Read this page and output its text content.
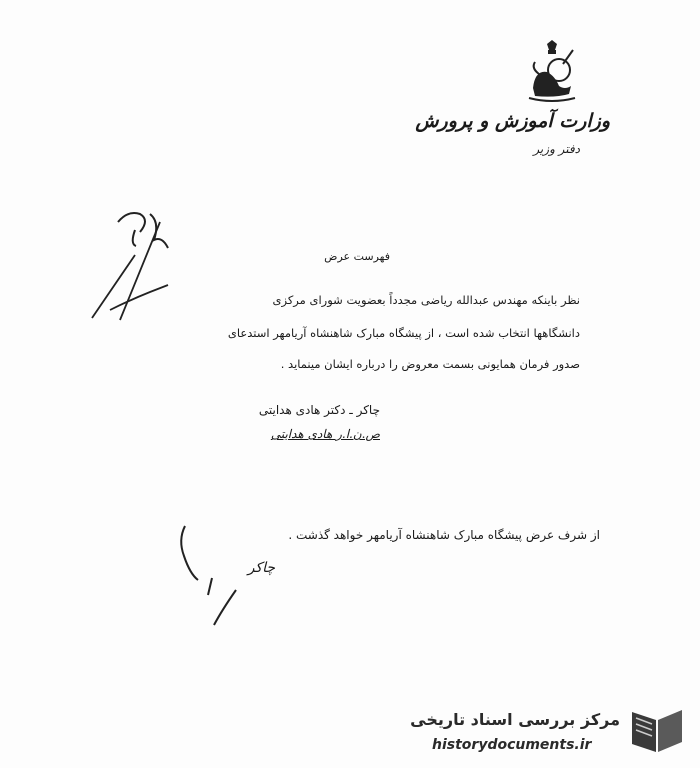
وزارت آموزش و پرورش
دفتر وزیر
فهرست عرض
نظر باینکه مهندس عبدالله ریاضی مجدداً بعضویت شورای مرکزی
دانشگاهها انتخاب شده است ، از پیشگاه مبارک شاهنشاه آریامهر استدعای
صدور فرمان همایونی بسمت معروض را درباره ایشان مینماید .
چاکر ـ دکتر هادی هدایتی
ص.ن.ا.ر هادی هدایتی
از شرف عرض پیشگاه مبارک شاهنشاه آریامهر خواهد گذشت .
چاکر
مرکز بررسی اسناد تاریخی
historydocuments.ir
